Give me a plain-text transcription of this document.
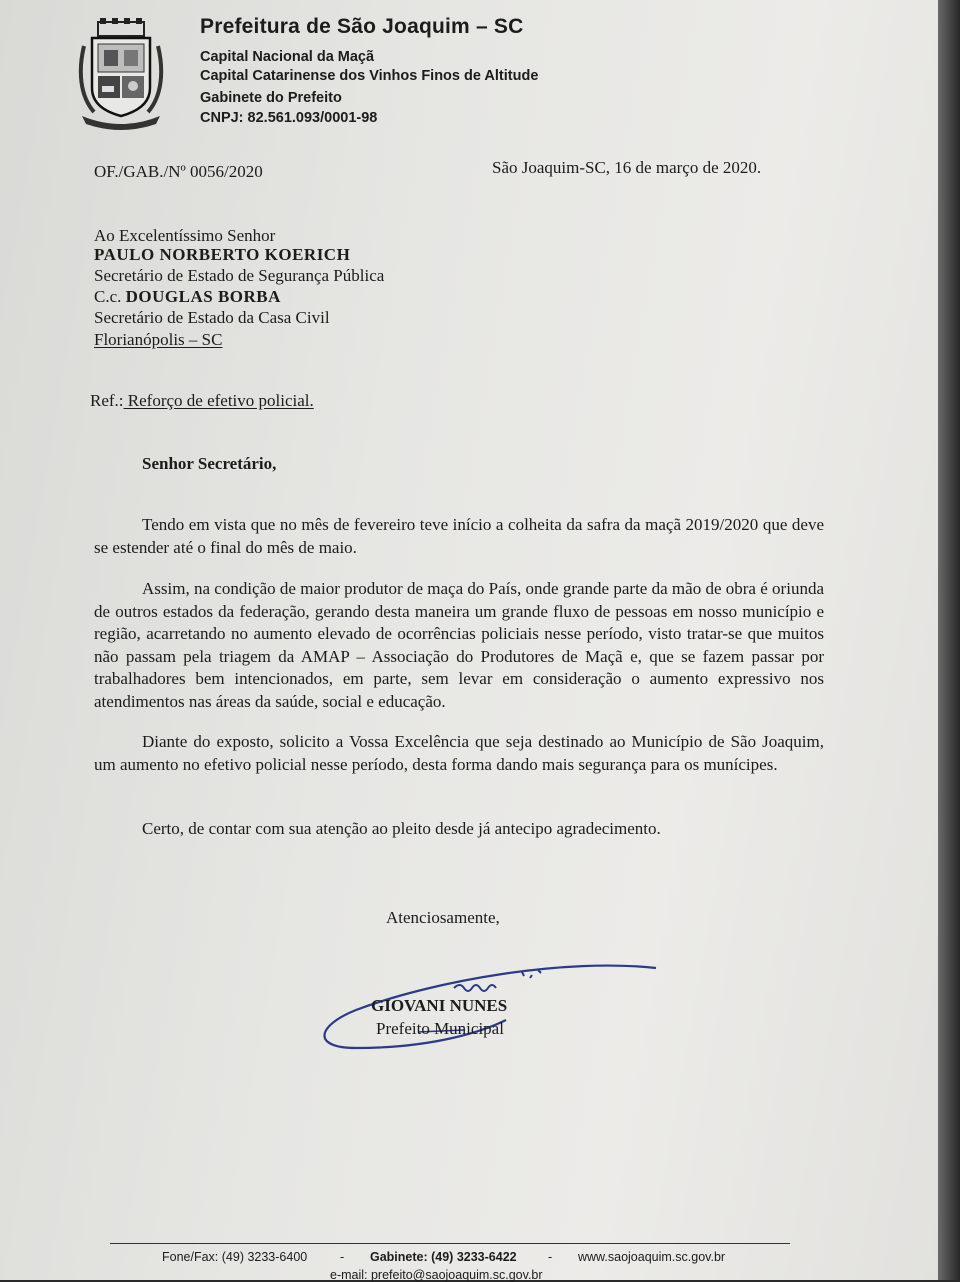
Prefeitura de São Joaquim – SC
Capital Nacional da Maçã
Capital Catarinense dos Vinhos Finos de Altitude
Gabinete do Prefeito
CNPJ: 82.561.093/0001-98
OF./GAB./Nº 0056/2020	São Joaquim-SC, 16 de março de 2020.
Ao Excelentíssimo Senhor
PAULO NORBERTO KOERICH
Secretário de Estado de Segurança Pública
C.c. DOUGLAS BORBA
Secretário de Estado da Casa Civil
Florianópolis – SC
Ref.: Reforço de efetivo policial.
Senhor Secretário,
Tendo em vista que no mês de fevereiro teve início a colheita da safra da maçã 2019/2020 que deve se estender até o final do mês de maio.
Assim, na condição de maior produtor de maça do País, onde grande parte da mão de obra é oriunda de outros estados da federação, gerando desta maneira um grande fluxo de pessoas em nosso município e região, acarretando no aumento elevado de ocorrências policiais nesse período, visto tratar-se que muitos não passam pela triagem da AMAP – Associação do Produtores de Maçã e, que se fazem passar por trabalhadores bem intencionados, em parte, sem levar em consideração o aumento expressivo nos atendimentos nas áreas da saúde, social e educação.
Diante do exposto, solicito a Vossa Excelência que seja destinado ao Município de São Joaquim, um aumento no efetivo policial nesse período, desta forma dando mais segurança para os munícipes.
Certo, de contar com sua atenção ao pleito desde já antecipo agradecimento.
Atenciosamente,
GIOVANI NUNES
Prefeito Municipal
Fone/Fax: (49) 3233-6400	- Gabinete: (49) 3233-6422	- www.saojoaquim.sc.gov.br
e-mail: prefeito@saojoaquim.sc.gov.br
